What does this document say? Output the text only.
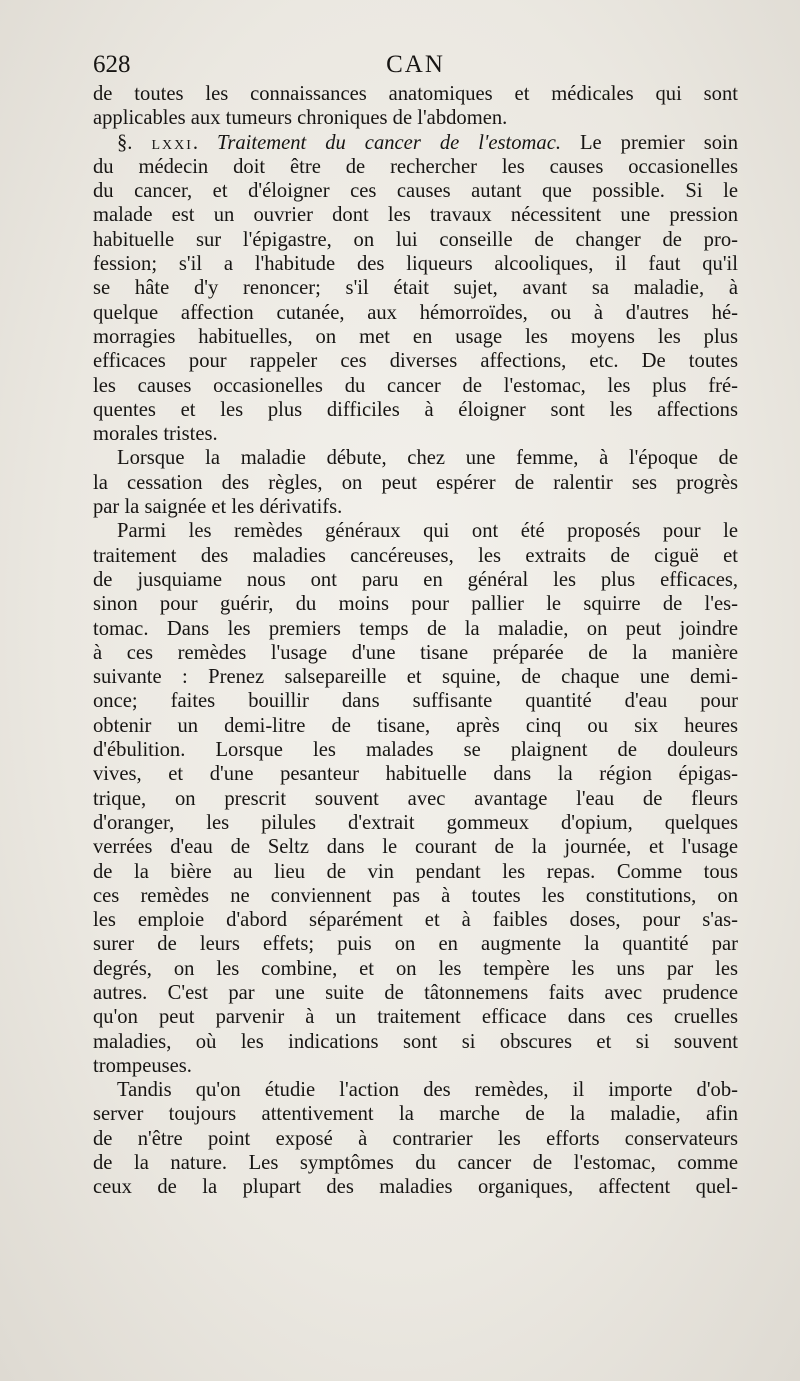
628	CAN
de toutes les connaissances anatomiques et médicales qui sont
applicables aux tumeurs chroniques de l'abdomen.
§. LXXI. Traitement du cancer de l'estomac. Le premier soin
du médecin doit être de rechercher les causes occasionelles
du cancer, et d'éloigner ces causes autant que possible. Si le
malade est un ouvrier dont les travaux nécessitent une pression
habituelle sur l'épigastre, on lui conseille de changer de pro-
fession; s'il a l'habitude des liqueurs alcooliques, il faut qu'il
se hâte d'y renoncer; s'il était sujet, avant sa maladie, à
quelque affection cutanée, aux hémorroïdes, ou à d'autres hé-
morragies habituelles, on met en usage les moyens les plus
efficaces pour rappeler ces diverses affections, etc. De toutes
les causes occasionelles du cancer de l'estomac, les plus fré-
quentes et les plus difficiles à éloigner sont les affections
morales tristes.
Lorsque la maladie débute, chez une femme, à l'époque de
la cessation des règles, on peut espérer de ralentir ses progrès
par la saignée et les dérivatifs.
Parmi les remèdes généraux qui ont été proposés pour le
traitement des maladies cancéreuses, les extraits de ciguë et
de jusquiame nous ont paru en général les plus efficaces,
sinon pour guérir, du moins pour pallier le squirre de l'es-
tomac. Dans les premiers temps de la maladie, on peut joindre
à ces remèdes l'usage d'une tisane préparée de la manière
suivante : Prenez salsepareille et squine, de chaque une demi-
once; faites bouillir dans suffisante quantité d'eau pour
obtenir un demi-litre de tisane, après cinq ou six heures
d'ébulition. Lorsque les malades se plaignent de douleurs
vives, et d'une pesanteur habituelle dans la région épigas-
trique, on prescrit souvent avec avantage l'eau de fleurs
d'oranger, les pilules d'extrait gommeux d'opium, quelques
verrées d'eau de Seltz dans le courant de la journée, et l'usage
de la bière au lieu de vin pendant les repas. Comme tous
ces remèdes ne conviennent pas à toutes les constitutions, on
les emploie d'abord séparément et à faibles doses, pour s'as-
surer de leurs effets; puis on en augmente la quantité par
degrés, on les combine, et on les tempère les uns par les
autres. C'est par une suite de tâtonnemens faits avec prudence
qu'on peut parvenir à un traitement efficace dans ces cruelles
maladies, où les indications sont si obscures et si souvent
trompeuses.
Tandis qu'on étudie l'action des remèdes, il importe d'ob-
server toujours attentivement la marche de la maladie, afin
de n'être point exposé à contrarier les efforts conservateurs
de la nature. Les symptômes du cancer de l'estomac, comme
ceux de la plupart des maladies organiques, affectent quel-
